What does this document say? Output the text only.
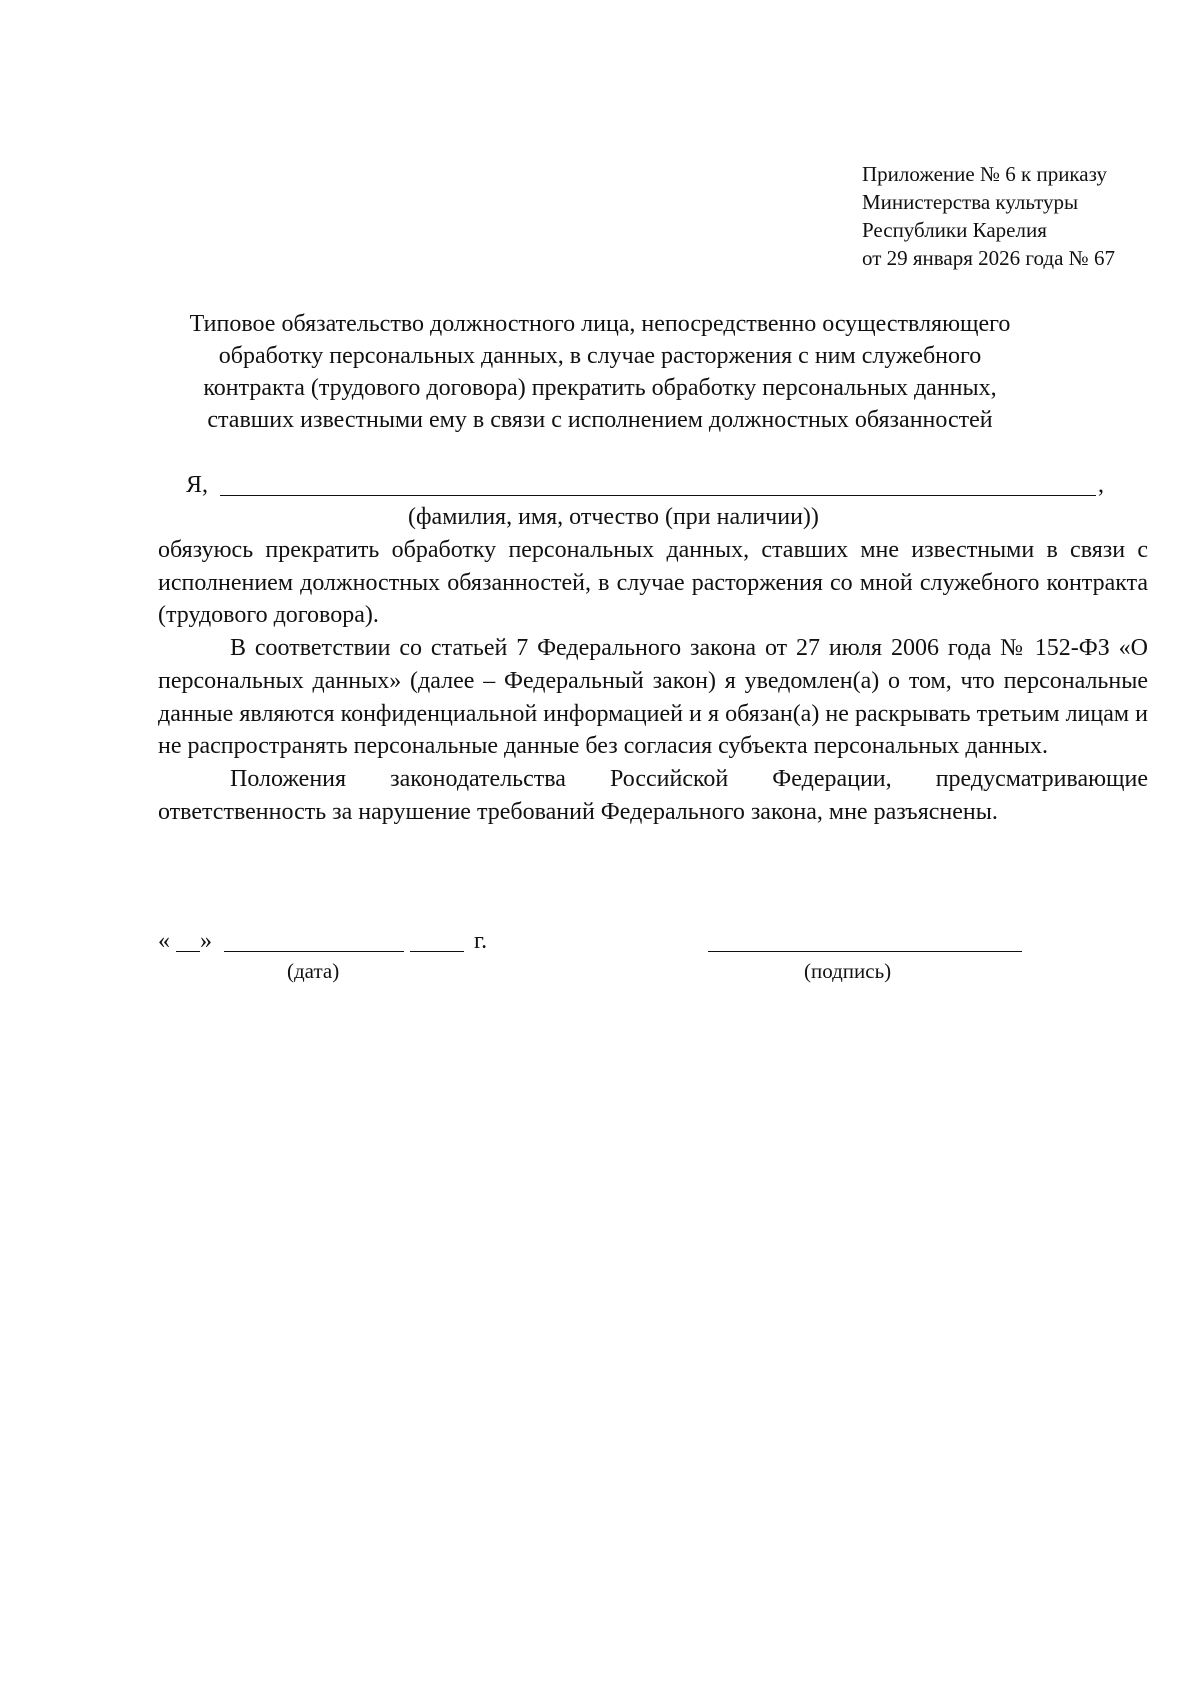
Приложение № 6 к приказу
Министерства культуры
Республики Карелия
от 29 января 2026 года № 67
Типовое обязательство должностного лица, непосредственно осуществляющего
обработку персональных данных, в случае расторжения с ним служебного
контракта (трудового договора) прекратить обработку персональных данных,
ставших известными ему в связи с исполнением должностных обязанностей
Я,	,
(фамилия, имя, отчество (при наличии))

обязуюсь прекратить обработку персональных данных, ставших мне известными в связи с исполнением должностных обязанностей, в случае расторжения со мной служебного контракта (трудового договора).

В соответствии со статьей 7 Федерального закона от 27 июля 2006 года № 152-ФЗ «О персональных данных» (далее – Федеральный закон) я уведомлен(а) о том, что персональные данные являются конфиденциальной информацией и я обязан(а) не раскрывать третьим лицам и не распространять персональные данные без согласия субъекта персональных данных.

Положения законодательства Российской Федерации, предусматривающие ответственность за нарушение требований Федерального закона, мне разъяснены.

« »	г.
(дата)	(подпись)
